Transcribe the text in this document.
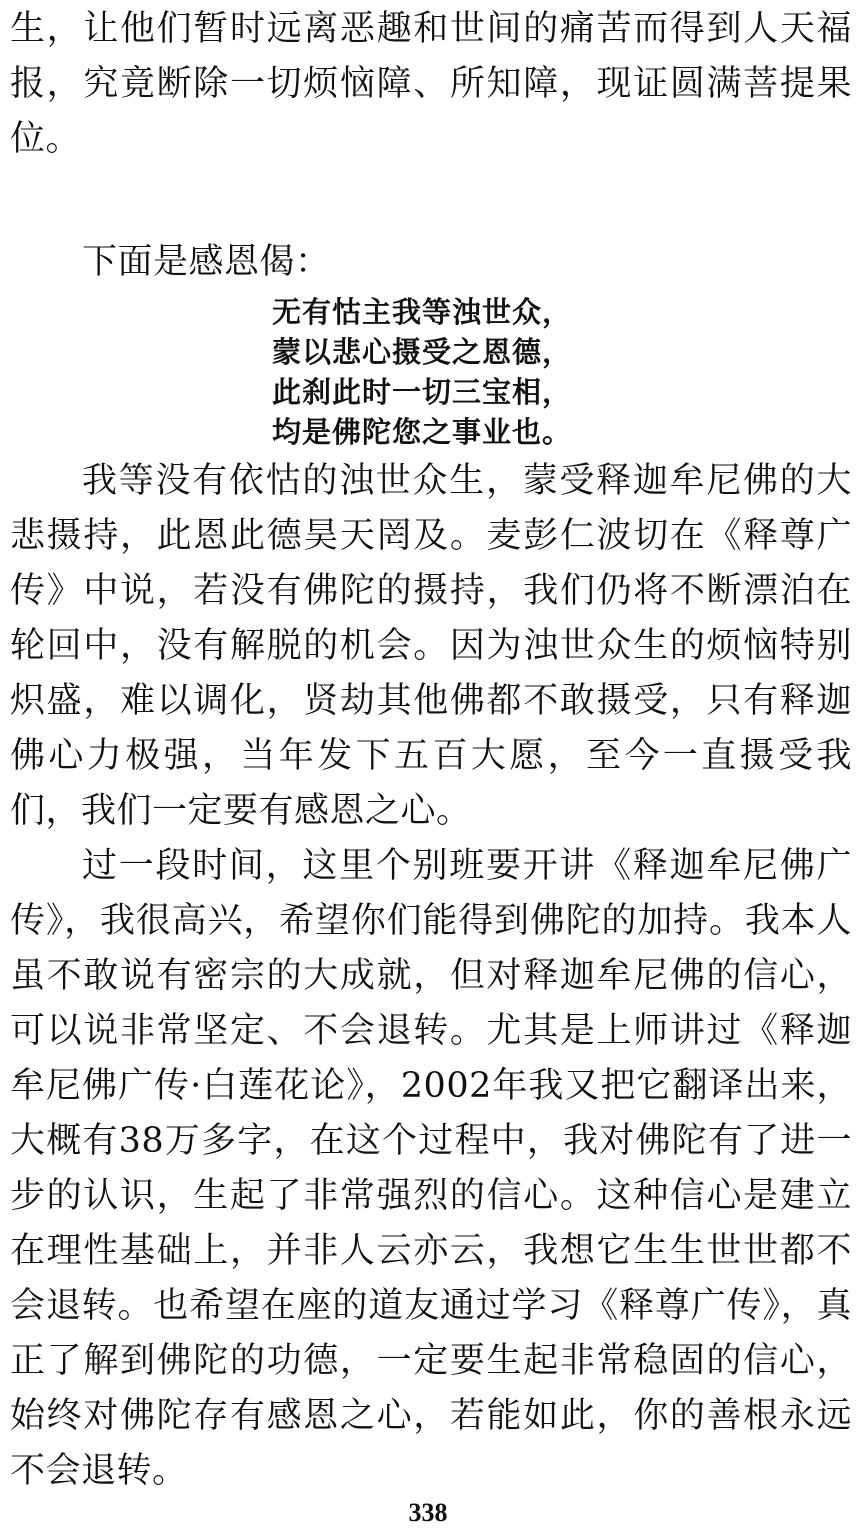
生，让他们暂时远离恶趣和世间的痛苦而得到人天福报，究竟断除一切烦恼障、所知障，现证圆满菩提果位。

下面是感恩偈：

无有怙主我等浊世众，
蒙以悲心摄受之恩德，
此刹此时一切三宝相，
均是佛陀您之事业也。

我等没有依怙的浊世众生，蒙受释迦牟尼佛的大悲摄持，此恩此德昊天罔及。麦彭仁波切在《释尊广传》中说，若没有佛陀的摄持，我们仍将不断漂泊在轮回中，没有解脱的机会。因为浊世众生的烦恼特别炽盛，难以调化，贤劫其他佛都不敢摄受，只有释迦佛心力极强，当年发下五百大愿，至今一直摄受我们，我们一定要有感恩之心。

过一段时间，这里个别班要开讲《释迦牟尼佛广传》，我很高兴，希望你们能得到佛陀的加持。我本人虽不敢说有密宗的大成就，但对释迦牟尼佛的信心，可以说非常坚定、不会退转。尤其是上师讲过《释迦牟尼佛广传·白莲花论》，2002年我又把它翻译出来，大概有38万多字，在这个过程中，我对佛陀有了进一步的认识，生起了非常强烈的信心。这种信心是建立在理性基础上，并非人云亦云，我想它生生世世都不会退转。也希望在座的道友通过学习《释尊广传》，真正了解到佛陀的功德，一定要生起非常稳固的信心，始终对佛陀存有感恩之心，若能如此，你的善根永远不会退转。

338
